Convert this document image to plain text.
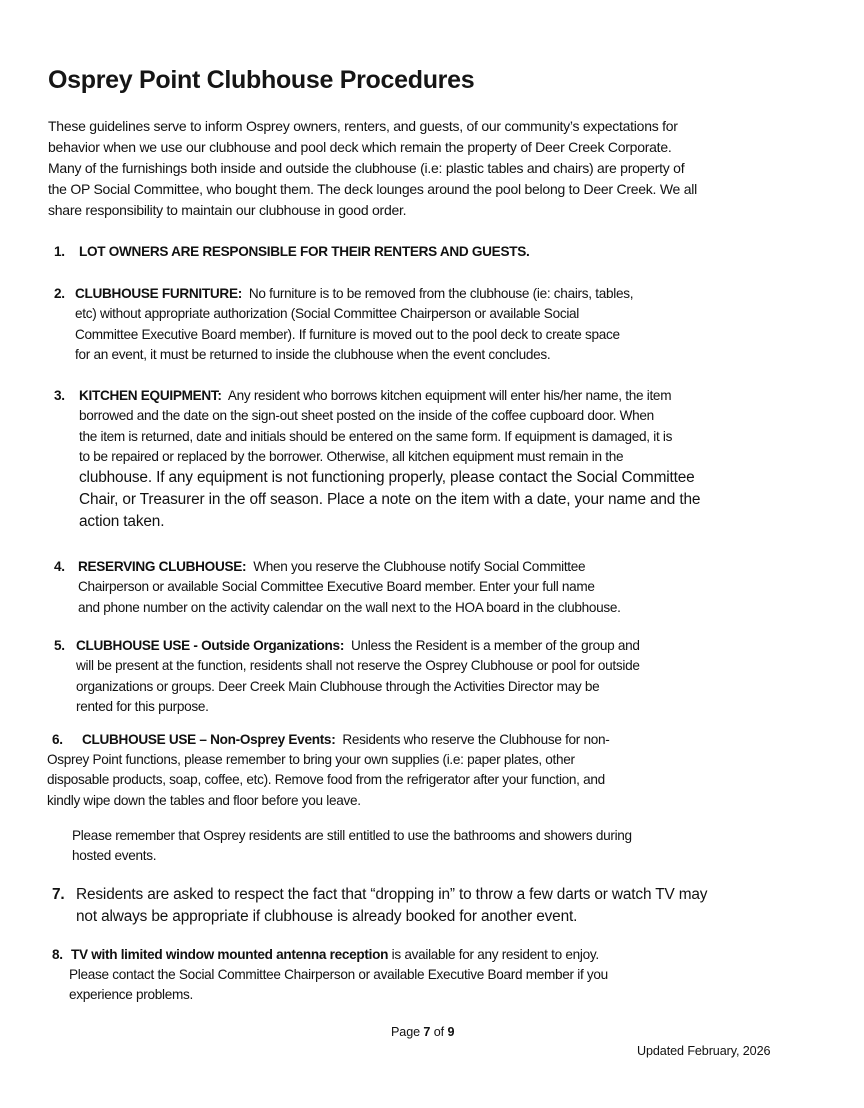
Osprey Point Clubhouse Procedures
These guidelines serve to inform Osprey owners, renters, and guests, of our community’s expectations for
behavior when we use our clubhouse and pool deck which remain the property of Deer Creek Corporate.
Many of the furnishings both inside and outside the clubhouse (i.e: plastic tables and chairs) are property of
the OP Social Committee, who bought them. The deck lounges around the pool belong to Deer Creek. We all
share responsibility to maintain our clubhouse in good order.
1. LOT OWNERS ARE RESPONSIBLE FOR THEIR RENTERS AND GUESTS.
2. CLUBHOUSE FURNITURE:  No furniture is to be removed from the clubhouse (ie: chairs, tables,
etc) without appropriate authorization (Social Committee Chairperson or available Social
Committee Executive Board member). If furniture is moved out to the pool deck to create space
for an event, it must be returned to inside the clubhouse when the event concludes.
3. KITCHEN EQUIPMENT:  Any resident who borrows kitchen equipment will enter his/her name, the item
borrowed and the date on the sign-out sheet posted on the inside of the coffee cupboard door. When
the item is returned, date and initials should be entered on the same form. If equipment is damaged, it is
to be repaired or replaced by the borrower. Otherwise, all kitchen equipment must remain in the
clubhouse. If any equipment is not functioning properly, please contact the Social Committee
Chair, or Treasurer in the off season. Place a note on the item with a date, your name and the
action taken.
4. RESERVING CLUBHOUSE:  When you reserve the Clubhouse notify Social Committee
Chairperson or available Social Committee Executive Board member. Enter your full name
and phone number on the activity calendar on the wall next to the HOA board in the clubhouse.
5. CLUBHOUSE USE - Outside Organizations:  Unless the Resident is a member of the group and
will be present at the function, residents shall not reserve the Osprey Clubhouse or pool for outside
organizations or groups. Deer Creek Main Clubhouse through the Activities Director may be
rented for this purpose.
6. CLUBHOUSE USE – Non-Osprey Events:  Residents who reserve the Clubhouse for non-
Osprey Point functions, please remember to bring your own supplies (i.e: paper plates, other
disposable products, soap, coffee, etc). Remove food from the refrigerator after your function, and
kindly wipe down the tables and floor before you leave.
Please remember that Osprey residents are still entitled to use the bathrooms and showers during
hosted events.
7. Residents are asked to respect the fact that “dropping in” to throw a few darts or watch TV may
not always be appropriate if clubhouse is already booked for another event.
8. TV with limited window mounted antenna reception is available for any resident to enjoy.
Please contact the Social Committee Chairperson or available Executive Board member if you
experience problems.
Page 7 of 9
Updated February, 2026
